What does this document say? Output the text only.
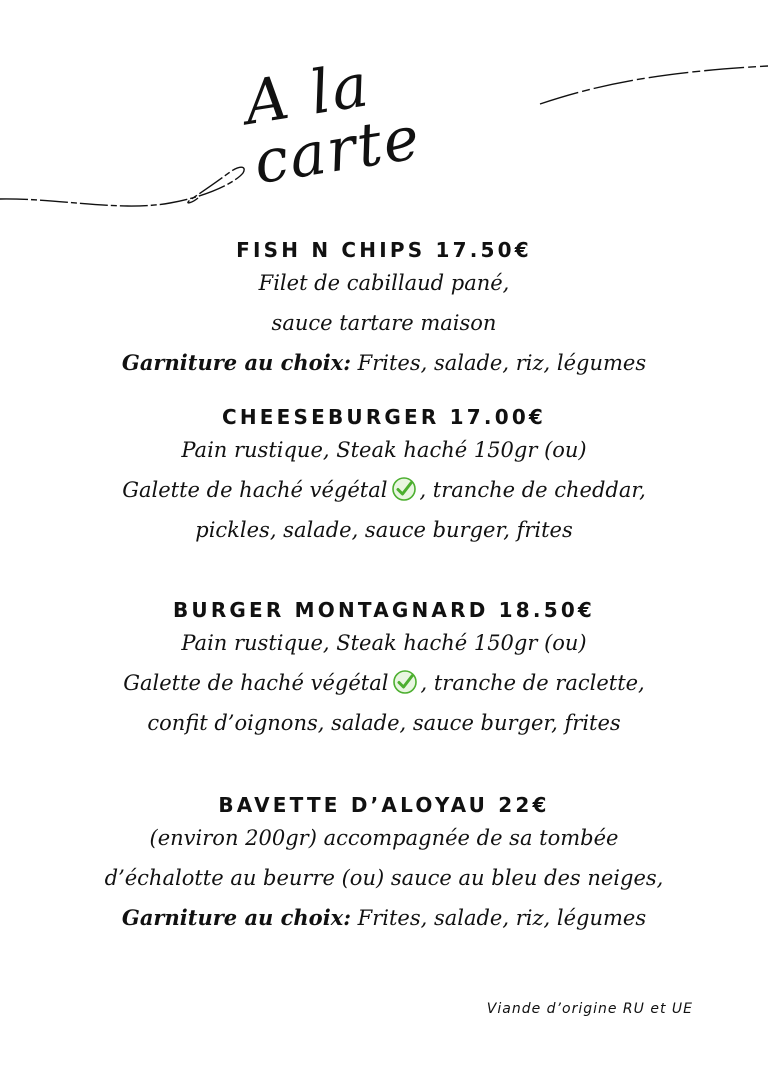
A la carte
FISH N CHIPS 17.50€
Filet de cabillaud pané,
sauce tartare maison
Garniture au choix: Frites, salade, riz, légumes
CHEESEBURGER 17.00€
Pain rustique, Steak haché 150gr (ou)
Galette de haché végétal , tranche de cheddar,
pickles, salade, sauce burger, frites
BURGER MONTAGNARD 18.50€
Pain rustique, Steak haché 150gr (ou)
Galette de haché végétal , tranche de raclette,
confit d’oignons, salade, sauce burger, frites
BAVETTE D’ALOYAU 22€
(environ 200gr) accompagnée de sa tombée
d’échalotte au beurre (ou) sauce au bleu des neiges,
Garniture au choix: Frites, salade, riz, légumes
Viande d’origine RU et UE
